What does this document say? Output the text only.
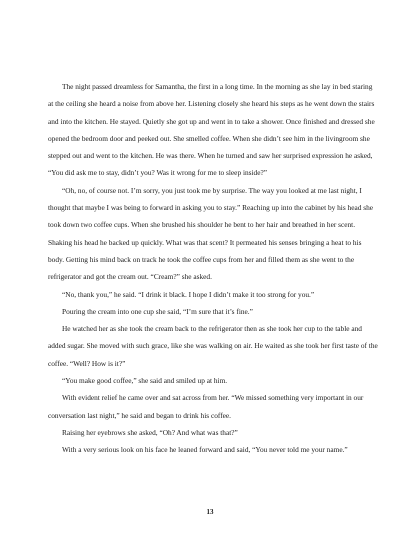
The night passed dreamless for Samantha, the first in a long time. In the morning as she lay in bed staring at the ceiling she heard a noise from above her. Listening closely she heard his steps as he went down the stairs and into the kitchen. He stayed. Quietly she got up and went in to take a shower. Once finished and dressed she opened the bedroom door and peeked out. She smelled coffee. When she didn’t see him in the livingroom she stepped out and went to the kitchen. He was there. When he turned and saw her surprised expression he asked, “You did ask me to stay, didn’t you? Was it wrong for me to sleep inside?”

“Oh, no, of course not. I’m sorry, you just took me by surprise. The way you looked at me last night, I thought that maybe I was being to forward in asking you to stay.” Reaching up into the cabinet by his head she took down two coffee cups. When she brushed his shoulder he bent to her hair and breathed in her scent. Shaking his head he backed up quickly. What was that scent? It permeated his senses bringing a heat to his body. Getting his mind back on track he took the coffee cups from her and filled them as she went to the refrigerator and got the cream out. “Cream?” she asked.

“No, thank you,” he said. “I drink it black. I hope I didn’t make it too strong for you.”

Pouring the cream into one cup she said, “I’m sure that it’s fine.”

He watched her as she took the cream back to the refrigerator then as she took her cup to the table and added sugar. She moved with such grace, like she was walking on air. He waited as she took her first taste of the coffee. “Well? How is it?”

“You make good coffee,” she said and smiled up at him.

With evident relief he came over and sat across from her. “We missed something very important in our conversation last night,” he said and began to drink his coffee.

Raising her eyebrows she asked, “Oh? And what was that?”

With a very serious look on his face he leaned forward and said, “You never told me your name.”

13
